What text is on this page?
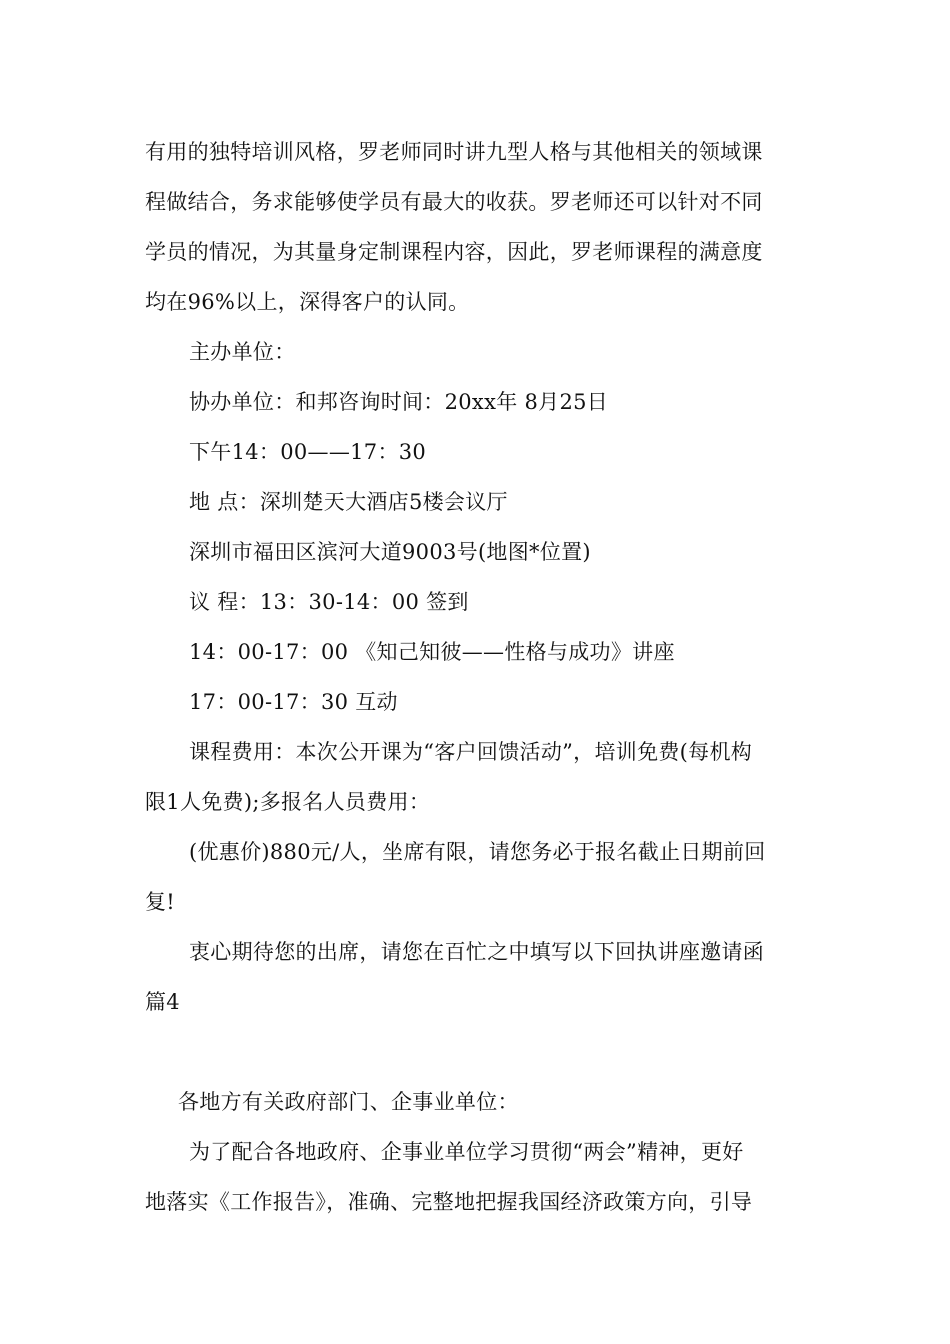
有用的独特培训风格，罗老师同时讲九型人格与其他相关的领域课
程做结合，务求能够使学员有最大的收获。罗老师还可以针对不同
学员的情况，为其量身定制课程内容，因此，罗老师课程的满意度
均在96%以上，深得客户的认同。
主办单位：
协办单位：和邦咨询时间：20xx年 8月25日
下午14：00——17：30
地 点：深圳楚天大酒店5楼会议厅
深圳市福田区滨河大道9003号(地图*位置)
议 程：13：30-14：00 签到
14：00-17：00 《知己知彼——性格与成功》讲座
17：00-17：30 互动
课程费用：本次公开课为“客户回馈活动”，培训免费(每机构
限1人免费);多报名人员费用：
(优惠价)880元/人，坐席有限，请您务必于报名截止日期前回
复!
衷心期待您的出席，请您在百忙之中填写以下回执讲座邀请函
篇4
各地方有关政府部门、企事业单位：
为了配合各地政府、企事业单位学习贯彻“两会”精神，更好
地落实《工作报告》，准确、完整地把握我国经济政策方向，引导
